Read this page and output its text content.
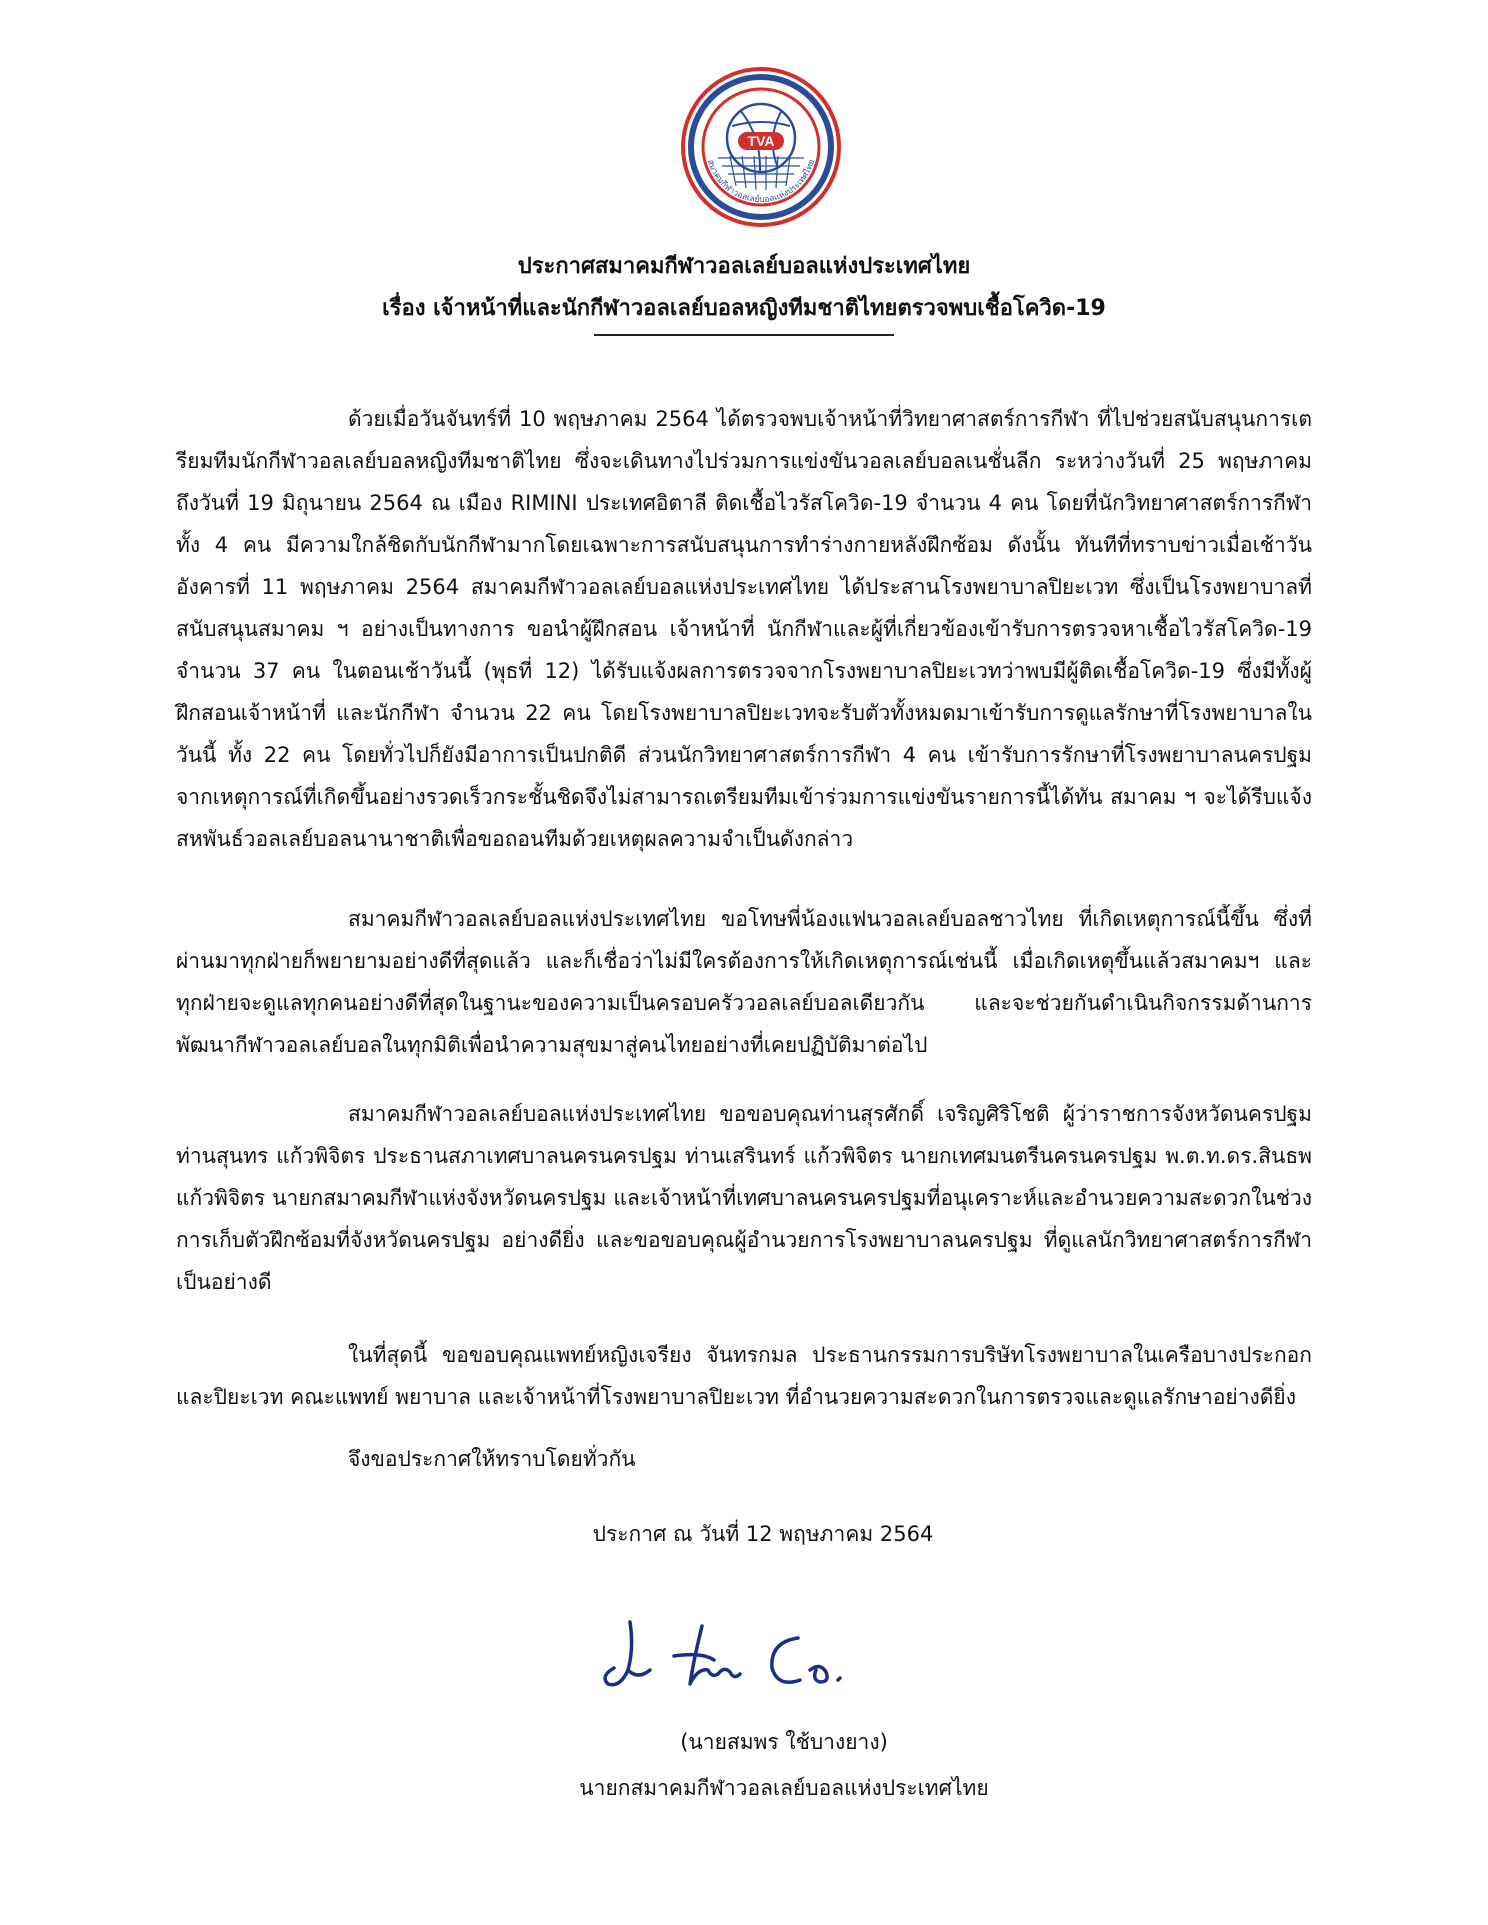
TVA
สมาคมกีฬาวอลเลย์บอลแห่งประเทศไทย
ประกาศสมาคมกีฬาวอลเลย์บอลแห่งประเทศไทย
เรื่อง เจ้าหน้าที่และนักกีฬาวอลเลย์บอลหญิงทีมชาติไทยตรวจพบเชื้อโควิด-19

ด้วยเมื่อวันจันทร์ที่ 10 พฤษภาคม 2564 ได้ตรวจพบเจ้าหน้าที่วิทยาศาสตร์การกีฬา ที่ไปช่วยสนับสนุนการเตรียมทีมนักกีฬาวอลเลย์บอลหญิงทีมชาติไทย ซึ่งจะเดินทางไปร่วมการแข่งขันวอลเลย์บอลเนชั่นลีก ระหว่างวันที่ 25 พฤษภาคม ถึงวันที่ 19 มิถุนายน 2564 ณ เมือง RIMINI ประเทศอิตาลี ติดเชื้อไวรัสโควิด-19 จำนวน 4 คน โดยที่นักวิทยาศาสตร์การกีฬาทั้ง 4 คน มีความใกล้ชิดกับนักกีฬามากโดยเฉพาะการสนับสนุนการทำร่างกายหลังฝึกซ้อม ดังนั้น ทันทีที่ทราบข่าวเมื่อเช้าวันอังคารที่ 11 พฤษภาคม 2564 สมาคมกีฬาวอลเลย์บอลแห่งประเทศไทย ได้ประสานโรงพยาบาลปิยะเวท ซึ่งเป็นโรงพยาบาลที่สนับสนุนสมาคม ฯ อย่างเป็นทางการ ขอนำผู้ฝึกสอน เจ้าหน้าที่ นักกีฬาและผู้ที่เกี่ยวข้องเข้ารับการตรวจหาเชื้อไวรัสโควิด-19 จำนวน 37 คน ในตอนเช้าวันนี้ (พุธที่ 12) ได้รับแจ้งผลการตรวจจากโรงพยาบาลปิยะเวทว่าพบมีผู้ติดเชื้อโควิด-19 ซึ่งมีทั้งผู้ฝึกสอนเจ้าหน้าที่ และนักกีฬา จำนวน 22 คน โดยโรงพยาบาลปิยะเวทจะรับตัวทั้งหมดมาเข้ารับการดูแลรักษาที่โรงพยาบาลในวันนี้ ทั้ง 22 คน โดยทั่วไปก็ยังมีอาการเป็นปกติดี ส่วนนักวิทยาศาสตร์การกีฬา 4 คน เข้ารับการรักษาที่โรงพยาบาลนครปฐม จากเหตุการณ์ที่เกิดขึ้นอย่างรวดเร็วกระชั้นชิดจึงไม่สามารถเตรียมทีมเข้าร่วมการแข่งขันรายการนี้ได้ทัน สมาคม ฯ จะได้รีบแจ้งสหพันธ์วอลเลย์บอลนานาชาติเพื่อขอถอนทีมด้วยเหตุผลความจำเป็นดังกล่าว

สมาคมกีฬาวอลเลย์บอลแห่งประเทศไทย ขอโทษพี่น้องแฟนวอลเลย์บอลชาวไทย ที่เกิดเหตุการณ์นี้ขึ้น ซึ่งที่ผ่านมาทุกฝ่ายก็พยายามอย่างดีที่สุดแล้ว และก็เชื่อว่าไม่มีใครต้องการให้เกิดเหตุการณ์เช่นนี้ เมื่อเกิดเหตุขึ้นแล้วสมาคมฯ และทุกฝ่ายจะดูแลทุกคนอย่างดีที่สุดในฐานะของความเป็นครอบครัววอลเลย์บอลเดียวกัน และจะช่วยกันดำเนินกิจกรรมด้านการพัฒนากีฬาวอลเลย์บอลในทุกมิติเพื่อนำความสุขมาสู่คนไทยอย่างที่เคยปฏิบัติมาต่อไป

สมาคมกีฬาวอลเลย์บอลแห่งประเทศไทย ขอขอบคุณท่านสุรศักดิ์ เจริญศิริโชติ ผู้ว่าราชการจังหวัดนครปฐม ท่านสุนทร แก้วพิจิตร ประธานสภาเทศบาลนครนครปฐม ท่านเสรินทร์ แก้วพิจิตร นายกเทศมนตรีนครนครปฐม พ.ต.ท.ดร.สินธพ แก้วพิจิตร นายกสมาคมกีฬาแห่งจังหวัดนครปฐม และเจ้าหน้าที่เทศบาลนครนครปฐมที่อนุเคราะห์และอำนวยความสะดวกในช่วงการเก็บตัวฝึกซ้อมที่จังหวัดนครปฐม อย่างดียิ่ง และขอขอบคุณผู้อำนวยการโรงพยาบาลนครปฐม ที่ดูแลนักวิทยาศาสตร์การกีฬาเป็นอย่างดี

ในที่สุดนี้ ขอขอบคุณแพทย์หญิงเจรียง จันทรกมล ประธานกรรมการบริษัทโรงพยาบาลในเครือบางประกอก และปิยะเวท คณะแพทย์ พยาบาล และเจ้าหน้าที่โรงพยาบาลปิยะเวท ที่อำนวยความสะดวกในการตรวจและดูแลรักษาอย่างดียิ่ง

จึงขอประกาศให้ทราบโดยทั่วกัน

ประกาศ ณ วันที่ 12 พฤษภาคม 2564
(นายสมพร ใช้บางยาง)
นายกสมาคมกีฬาวอลเลย์บอลแห่งประเทศไทย
